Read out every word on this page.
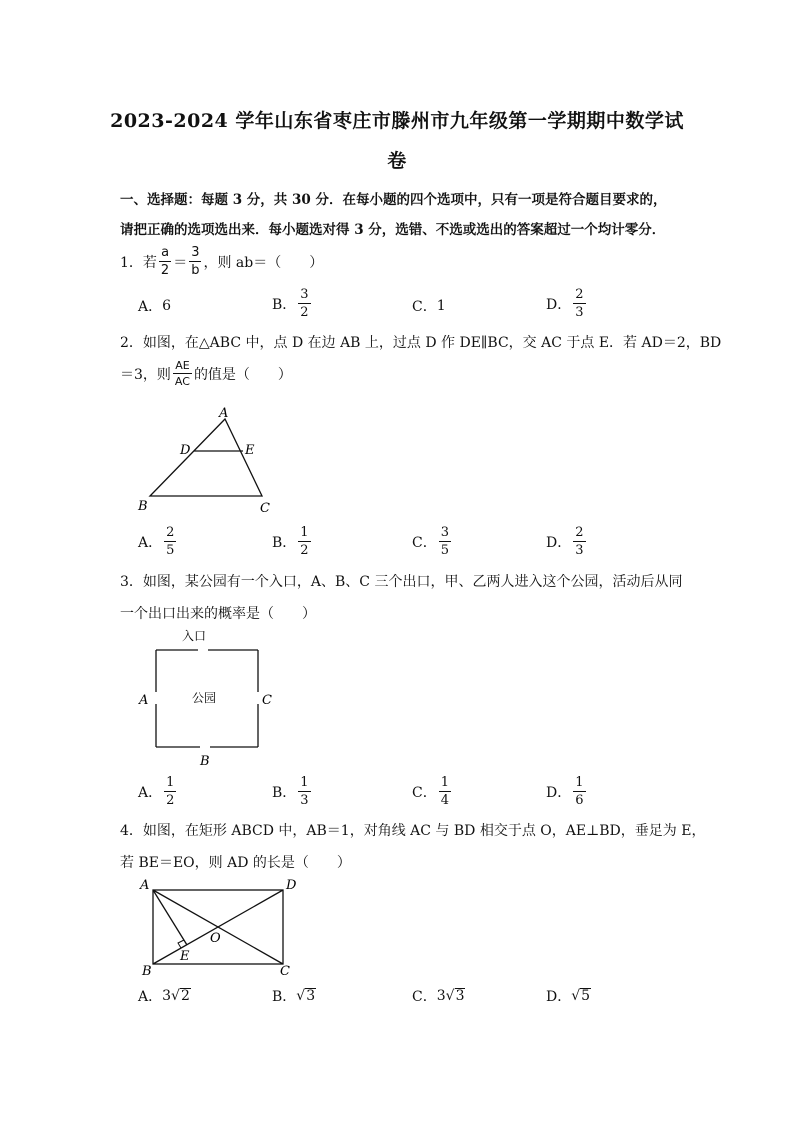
2023-2024 学年山东省枣庄市滕州市九年级第一学期期中数学试
卷
一、选择题：每题 3 分，共 30 分．在每小题的四个选项中，只有一项是符合题目要求的，
请把正确的选项选出来．每小题选对得 3 分，选错、不选或选出的答案超过一个均计零分．
1．若 $\frac{a}{2} = \frac{3}{b}$ ，则 ab＝（　　）
A． 6	B． $\frac{3}{2}$	C． 1	D． $\frac{2}{3}$
2．如图，在△ABC 中，点 D 在边 AB 上，过点 D 作 DE∥BC，交 AC 于点 E．若 AD＝2，BD
＝3，则 $\frac{AE}{AC}$ 的值是（　　）
A
D	E
B	C
A． $\frac{2}{5}$	B． $\frac{1}{2}$	C． $\frac{3}{5}$	D． $\frac{2}{3}$
3．如图，某公园有一个入口，A、B、C 三个出口，甲、乙两人进入这个公园，活动后从同
一个出口出来的概率是（　　）
入口
公园
A	C
B
A． $\frac{1}{2}$	B． $\frac{1}{3}$	C． $\frac{1}{4}$	D． $\frac{1}{6}$
4．如图，在矩形 ABCD 中，AB＝1，对角线 AC 与 BD 相交于点 O，AE⊥BD，垂足为 E，
若 BE＝EO，则 AD 的长是（　　）
A	D
B	C
O
E
A． 3 √ 2	B． √ 3	C． 3 √ 3	D． √ 5
